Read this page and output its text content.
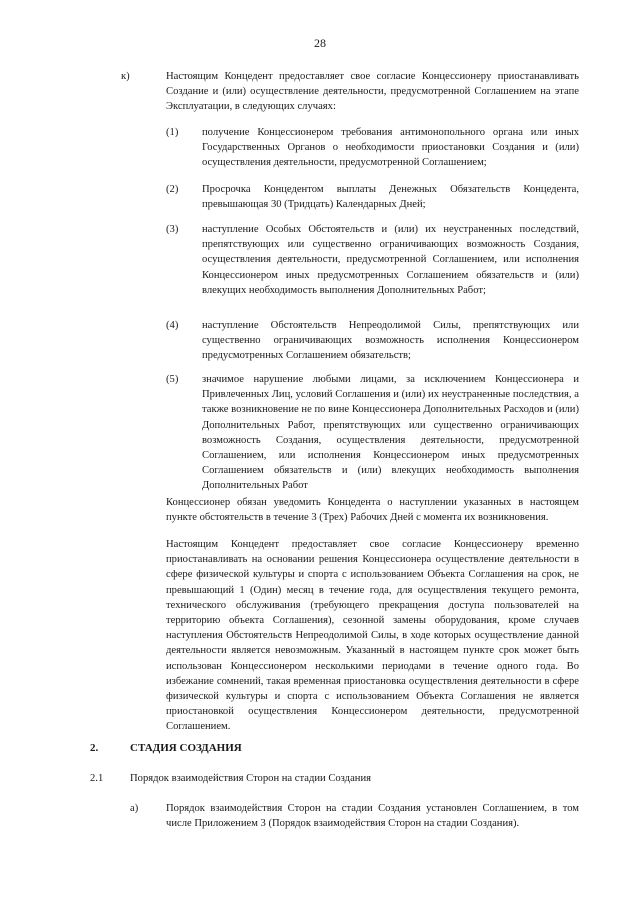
28
к)	Настоящим Концедент предоставляет свое согласие Концессионеру приостанавливать Создание и (или) осуществление деятельности, предусмотренной Соглашением на этапе Эксплуатации, в следующих случаях:
(1) получение Концессионером требования антимонопольного органа или иных Государственных Органов о необходимости приостановки Создания и (или) осуществления деятельности, предусмотренной Соглашением;
(2) Просрочка Концедентом выплаты Денежных Обязательств Концедента, превышающая 30 (Тридцать) Календарных Дней;
(3) наступление Особых Обстоятельств и (или) их неустраненных последствий, препятствующих или существенно ограничивающих возможность Создания, осуществления деятельности, предусмотренной Соглашением, или исполнения Концессионером иных предусмотренных Соглашением обязательств и (или) влекущих необходимость выполнения Дополнительных Работ;
(4) наступление Обстоятельств Непреодолимой Силы, препятствующих или существенно ограничивающих возможность исполнения Концессионером предусмотренных Соглашением обязательств;
(5) значимое нарушение любыми лицами, за исключением Концессионера и Привлеченных Лиц, условий Соглашения и (или) их неустраненные последствия, а также возникновение не по вине Концессионера Дополнительных Расходов и (или) Дополнительных Работ, препятствующих или существенно ограничивающих возможность Создания, осуществления деятельности, предусмотренной Соглашением, или исполнения Концессионером иных предусмотренных Соглашением обязательств и (или) влекущих необходимость выполнения Дополнительных Работ
Концессионер обязан уведомить Концедента о наступлении указанных в настоящем пункте обстоятельств в течение 3 (Трех) Рабочих Дней с момента их возникновения.
Настоящим Концедент предоставляет свое согласие Концессионеру временно приостанавливать на основании решения Концессионера осуществление деятельности в сфере физической культуры и спорта с использованием Объекта Соглашения на срок, не превышающий 1 (Один) месяц в течение года, для осуществления текущего ремонта, технического обслуживания (требующего прекращения доступа пользователей на территорию объекта Соглашения), сезонной замены оборудования, кроме случаев наступления Обстоятельств Непреодолимой Силы, в ходе которых осуществление данной деятельности является невозможным. Указанный в настоящем пункте срок может быть использован Концессионером несколькими периодами в течение одного года. Во избежание сомнений, такая временная приостановка осуществления деятельности в сфере физической культуры и спорта с использованием Объекта Соглашения не является приостановкой осуществления Концессионером деятельности, предусмотренной Соглашением.
2.	СТАДИЯ СОЗДАНИЯ
2.1	Порядок взаимодействия Сторон на стадии Создания
а)	Порядок взаимодействия Сторон на стадии Создания установлен Соглашением, в том числе Приложением 3 (Порядок взаимодействия Сторон на стадии Создания).
